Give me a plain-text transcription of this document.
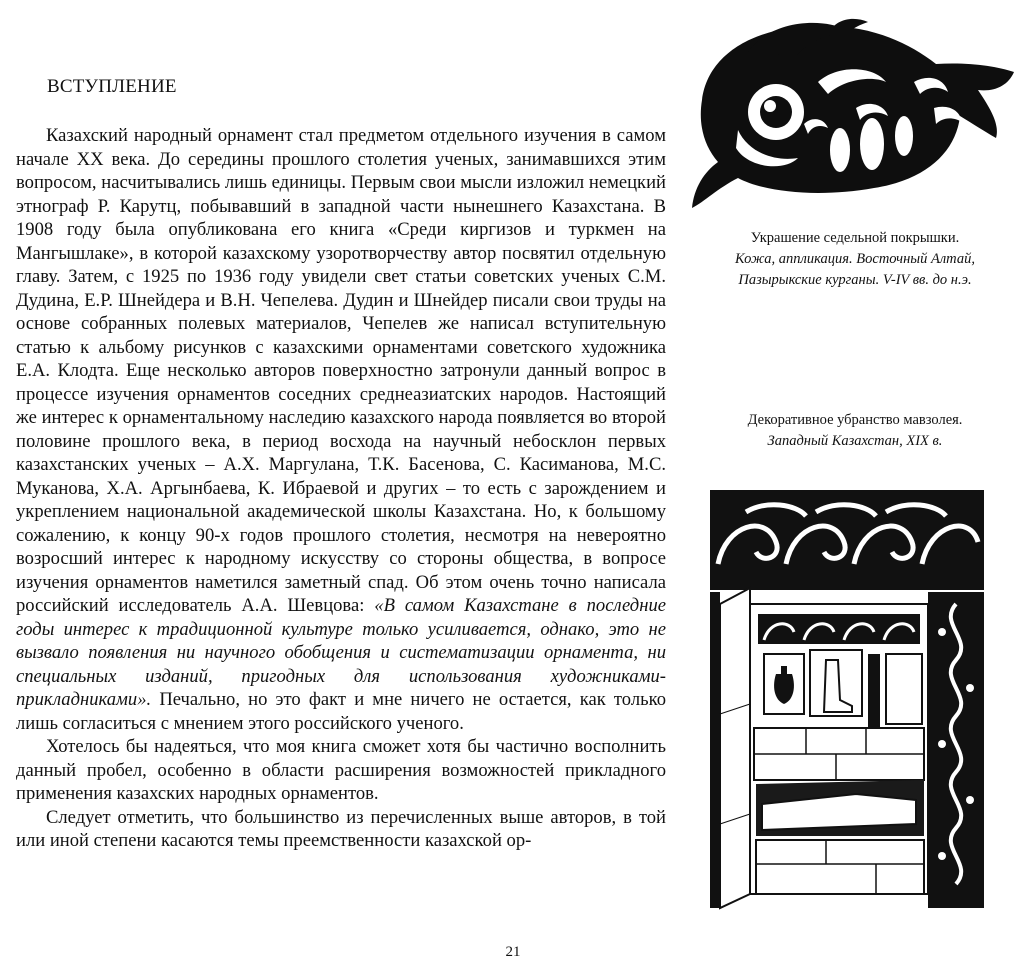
ВСТУПЛЕНИЕ

Казахский народный орнамент стал предметом отдельного изучения в самом начале XX века. До середины прошлого столетия ученых, занимавшихся этим вопросом, насчитывались лишь единицы. Первым свои мысли изложил немецкий этнограф Р. Карутц, побывавший в западной части нынешнего Казахстана. В 1908 году была опубликована его книга «Среди киргизов и туркмен на Мангышлаке», в которой казахскому узоротворчеству автор посвятил отдельную главу. Затем, с 1925 по 1936 году увидели свет статьи советских ученых С.М. Дудина, Е.Р. Шнейдера и В.Н. Чепелева. Дудин и Шнейдер писали свои труды на основе собранных полевых материалов, Чепелев же написал вступительную статью к альбому рисунков с казахскими орнаментами советского художника Е.А. Клодта. Еще несколько авторов поверхностно затронули данный вопрос в процессе изучения орнаментов соседних среднеазиатских народов. Настоящий же интерес к орнаментальному наследию казахского народа появляется во второй половине прошлого века, в период восхода на научный небосклон первых казахстанских ученых – А.Х. Маргулана, Т.К. Басенова, С. Касиманова, М.С. Муканова, Х.А. Аргынбаева, К. Ибраевой и других – то есть с зарождением и укреплением национальной академической школы Казахстана. Но, к большому сожалению, к концу 90-х годов прошлого столетия, несмотря на невероятно возросший интерес к народному искусству со стороны общества, в вопросе изучения орнаментов наметился заметный спад. Об этом очень точно написала российский исследователь А.А. Шевцова: «В самом Казахстане в последние годы интерес к традиционной культуре только усиливается, однако, это не вызвало появления ни научного обобщения и систематизации орнамента, ни специальных изданий, пригодных для использования художниками-прикладниками». Печально, но это факт и мне ничего не остается, как только лишь согласиться с мнением этого российского ученого.

Хотелось бы надеяться, что моя книга сможет хотя бы частично восполнить данный пробел, особенно в области расширения возможностей прикладного применения казахских народных орнаментов.

Следует отметить, что большинство из перечисленных выше авторов, в той или иной степени касаются темы преемственности казахской ор-

Украшение седельной покрышки.
Кожа, аппликация. Восточный Алтай,
Пазырыкские курганы. V-IV вв. до н.э.
Декоративное убранство мавзолея.
Западный Казахстан, XIX в.
21
